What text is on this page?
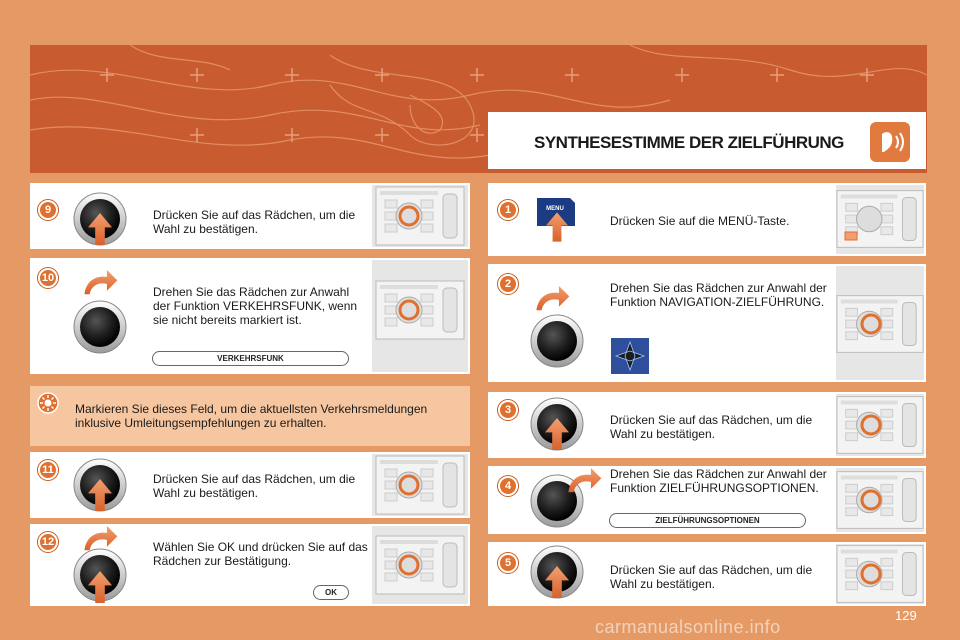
SYNTHESESTIMME DER ZIELFÜHRUNG
9	Drücken Sie auf das Rädchen, um die Wahl zu bestätigen.
10
Drehen Sie das Rädchen zur Anwahl der Funktion VERKEHRSFUNK, wenn sie nicht bereits markiert ist.
VERKEHRSFUNK
Markieren Sie dieses Feld, um die aktuellsten Verkehrsmeldungen inklusive Umleitungsempfehlungen zu erhalten.
11
Drücken Sie auf das Rädchen, um die Wahl zu bestätigen.
12	Wählen Sie OK und drücken Sie auf das Rädchen zur Bestätigung.
OK
1	MENU
Drücken Sie auf die MENÜ-Taste.
2	Drehen Sie das Rädchen zur Anwahl der Funktion NAVIGATION-ZIELFÜHRUNG.
3
Drücken Sie auf das Rädchen, um die Wahl zu bestätigen.
4
Drehen Sie das Rädchen zur Anwahl der Funktion ZIELFÜHRUNGSOPTIONEN.
ZIELFÜHRUNGSOPTIONEN
5	Drücken Sie auf das Rädchen, um die Wahl zu bestätigen.
129
carmanualsonline.info
